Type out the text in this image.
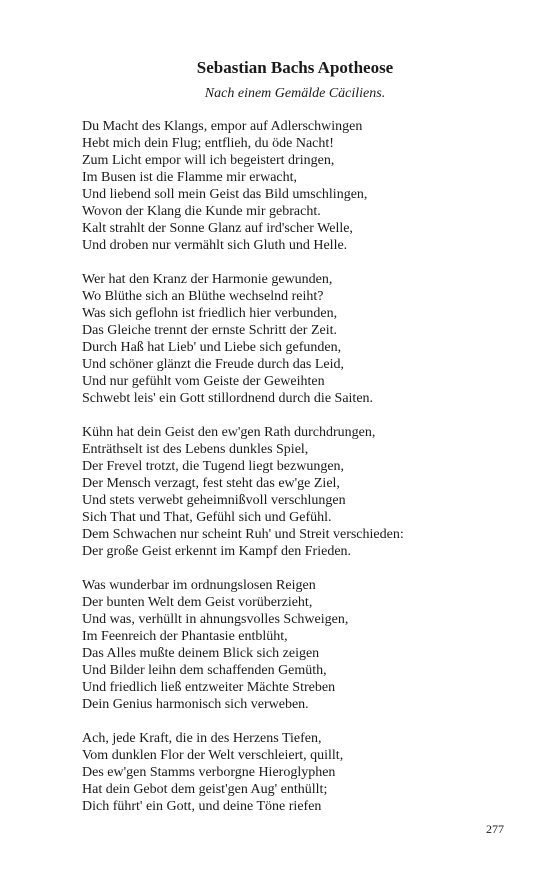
Sebastian Bachs Apotheose
Nach einem Gemälde Cäciliens.
Du Macht des Klangs, empor auf Adlerschwingen
Hebt mich dein Flug; entflieh, du öde Nacht!
Zum Licht empor will ich begeistert dringen,
Im Busen ist die Flamme mir erwacht,
Und liebend soll mein Geist das Bild umschlingen,
Wovon der Klang die Kunde mir gebracht.
Kalt strahlt der Sonne Glanz auf ird'scher Welle,
Und droben nur vermählt sich Gluth und Helle.
Wer hat den Kranz der Harmonie gewunden,
Wo Blüthe sich an Blüthe wechselnd reiht?
Was sich geflohn ist friedlich hier verbunden,
Das Gleiche trennt der ernste Schritt der Zeit.
Durch Haß hat Lieb' und Liebe sich gefunden,
Und schöner glänzt die Freude durch das Leid,
Und nur gefühlt vom Geiste der Geweihten
Schwebt leis' ein Gott stillordnend durch die Saiten.
Kühn hat dein Geist den ew'gen Rath durchdrungen,
Enträthselt ist des Lebens dunkles Spiel,
Der Frevel trotzt, die Tugend liegt bezwungen,
Der Mensch verzagt, fest steht das ew'ge Ziel,
Und stets verwebt geheimnißvoll verschlungen
Sich That und That, Gefühl sich und Gefühl.
Dem Schwachen nur scheint Ruh' und Streit verschieden:
Der große Geist erkennt im Kampf den Frieden.
Was wunderbar im ordnungslosen Reigen
Der bunten Welt dem Geist vorüberzieht,
Und was, verhüllt in ahnungsvolles Schweigen,
Im Feenreich der Phantasie entblüht,
Das Alles mußte deinem Blick sich zeigen
Und Bilder leihn dem schaffenden Gemüth,
Und friedlich ließ entzweiter Mächte Streben
Dein Genius harmonisch sich verweben.
Ach, jede Kraft, die in des Herzens Tiefen,
Vom dunklen Flor der Welt verschleiert, quillt,
Des ew'gen Stamms verborgne Hieroglyphen
Hat dein Gebot dem geist'gen Aug' enthüllt;
Dich führt' ein Gott, und deine Töne riefen
277
